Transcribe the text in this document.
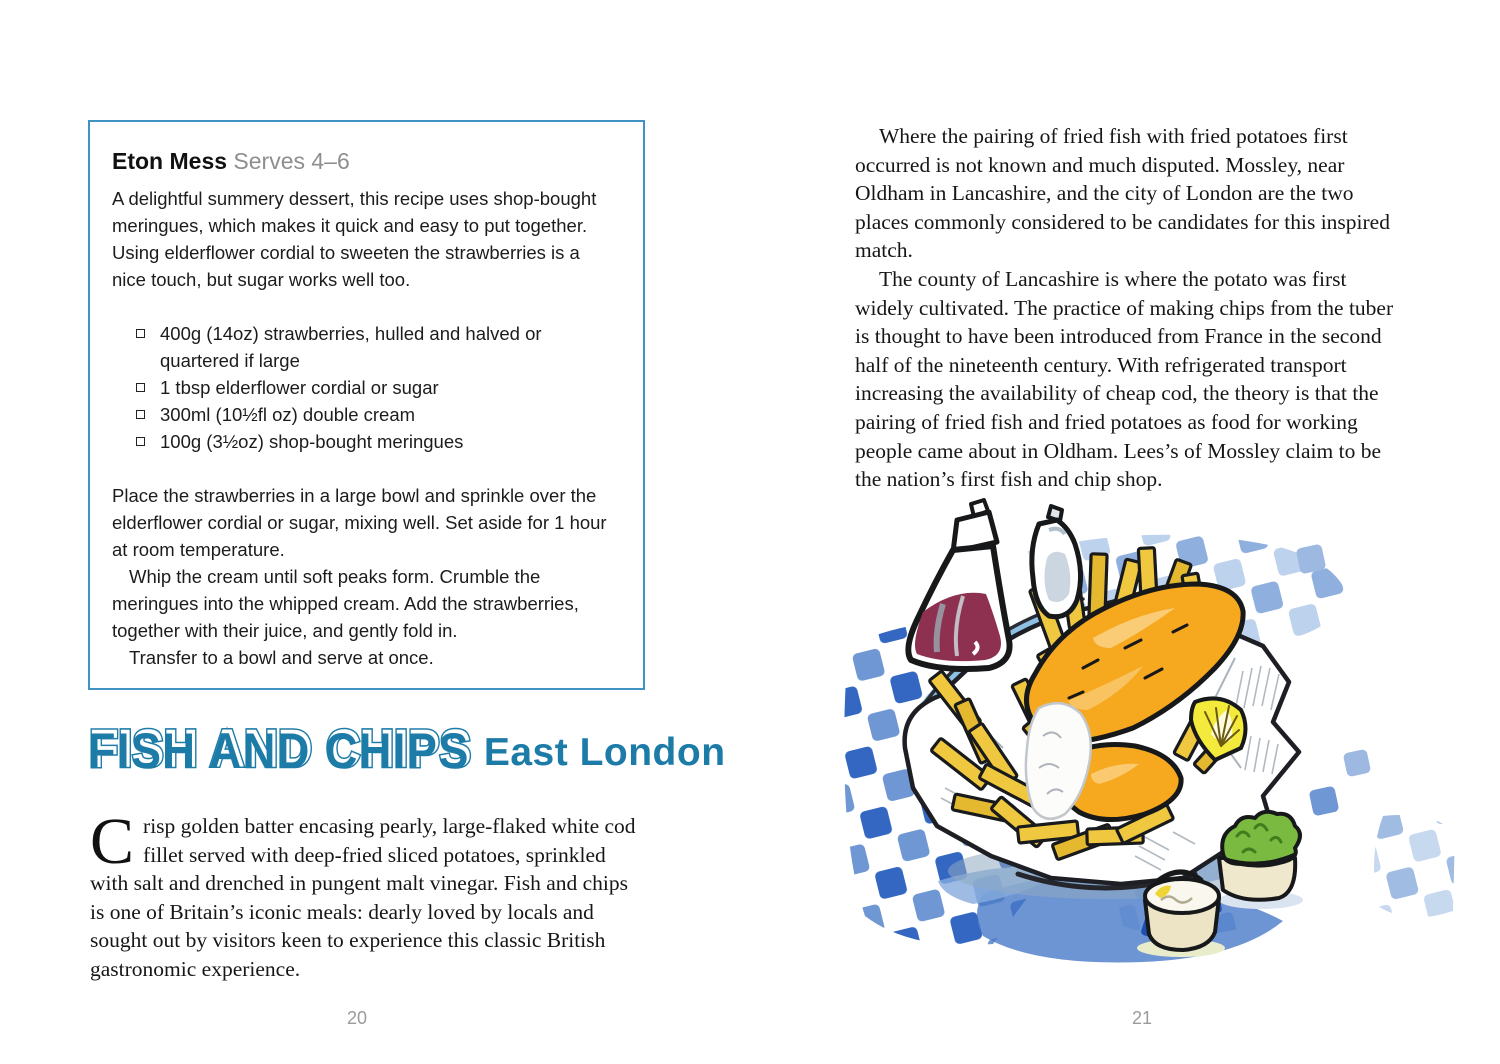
Eton Mess Serves 4–6

A delightful summery dessert, this recipe uses shop-bought meringues, which makes it quick and easy to put together. Using elderflower cordial to sweeten the strawberries is a nice touch, but sugar works well too.

400g (14oz) strawberries, hulled and halved or quartered if large
1 tbsp elderflower cordial or sugar
300ml (10½fl oz) double cream
100g (3½oz) shop-bought meringues

Place the strawberries in a large bowl and sprinkle over the elderflower cordial or sugar, mixing well. Set aside for 1 hour at room temperature.

Whip the cream until soft peaks form. Crumble the meringues into the whipped cream. Add the strawberries, together with their juice, and gently fold in.

Transfer to a bowl and serve at once.

FISH AND CHIPS FISH AND CHIPS FISH AND CHIPS East London

Crisp golden batter encasing pearly, large-flaked white cod fillet served with deep-fried sliced potatoes, sprinkled with salt and drenched in pungent malt vinegar. Fish and chips is one of Britain’s iconic meals: dearly loved by locals and sought out by visitors keen to experience this classic British gastronomic experience.

20

Where the pairing of fried fish with fried potatoes first occurred is not known and much disputed. Mossley, near Oldham in Lancashire, and the city of London are the two places commonly considered to be candidates for this inspired match.

The county of Lancashire is where the potato was first widely cultivated. The practice of making chips from the tuber is thought to have been introduced from France in the second half of the nineteenth century. With refrigerated transport increasing the availability of cheap cod, the theory is that the pairing of fried fish and fried potatoes as food for working people came about in Oldham. Lees’s of Mossley claim to be the nation’s first fish and chip shop.

21
